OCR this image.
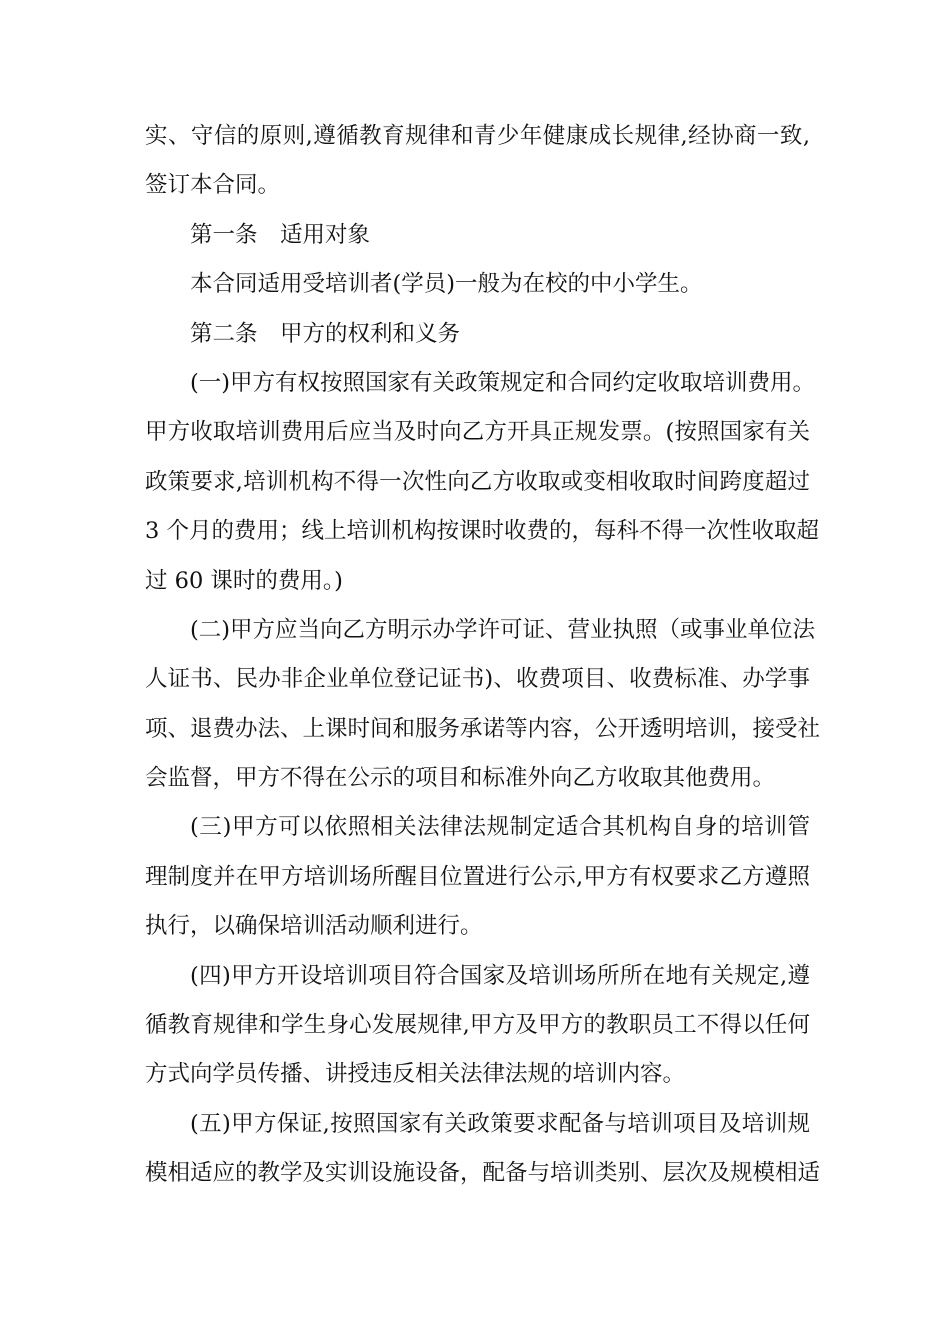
实、守信的原则,遵循教育规律和青少年健康成长规律,经协商一致,
签订本合同。
第一条　适用对象
本合同适用受培训者(学员)一般为在校的中小学生。
第二条　甲方的权利和义务
(一)甲方有权按照国家有关政策规定和合同约定收取培训费用。
甲方收取培训费用后应当及时向乙方开具正规发票。(按照国家有关
政策要求,培训机构不得一次性向乙方收取或变相收取时间跨度超过
3 个月的费用；线上培训机构按课时收费的，每科不得一次性收取超
过 60 课时的费用。)
(二)甲方应当向乙方明示办学许可证、营业执照（或事业单位法
人证书、民办非企业单位登记证书)、收费项目、收费标准、办学事
项、退费办法、上课时间和服务承诺等内容，公开透明培训，接受社
会监督，甲方不得在公示的项目和标准外向乙方收取其他费用。
(三)甲方可以依照相关法律法规制定适合其机构自身的培训管
理制度并在甲方培训场所醒目位置进行公示,甲方有权要求乙方遵照
执行，以确保培训活动顺利进行。
(四)甲方开设培训项目符合国家及培训场所所在地有关规定,遵
循教育规律和学生身心发展规律,甲方及甲方的教职员工不得以任何
方式向学员传播、讲授违反相关法律法规的培训内容。
(五)甲方保证,按照国家有关政策要求配备与培训项目及培训规
模相适应的教学及实训设施设备，配备与培训类别、层次及规模相适
